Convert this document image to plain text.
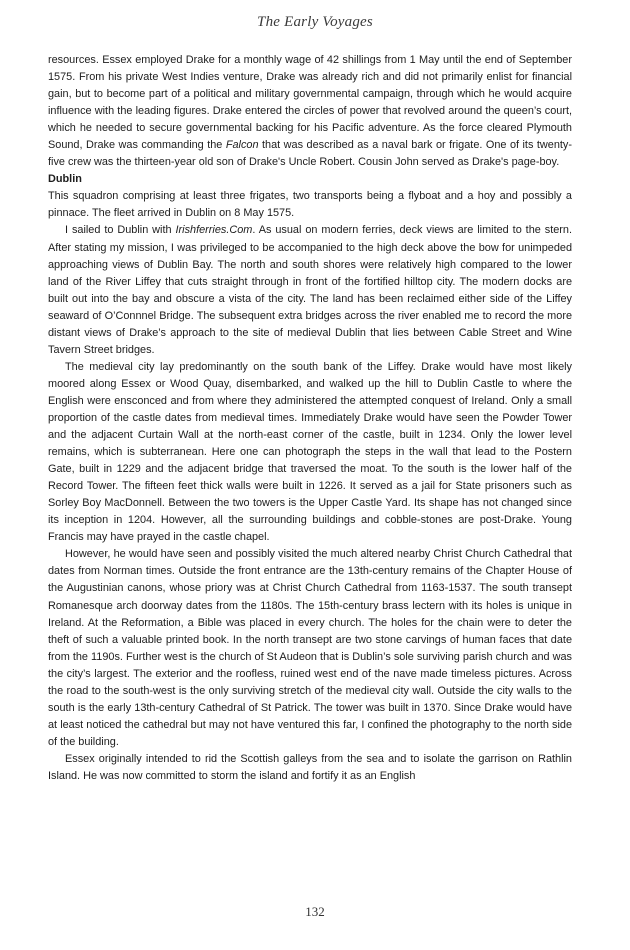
The Early Voyages

resources. Essex employed Drake for a monthly wage of 42 shillings from 1 May until the end of September 1575. From his private West Indies venture, Drake was already rich and did not primarily enlist for financial gain, but to become part of a political and military governmental campaign, through which he would acquire influence with the leading figures. Drake entered the circles of power that revolved around the queen’s court, which he needed to secure governmental backing for his Pacific adventure. As the force cleared Plymouth Sound, Drake was commanding the Falcon that was described as a naval bark or frigate. One of its twenty-five crew was the thirteen-year old son of Drake's Uncle Robert. Cousin John served as Drake's page-boy.

Dublin

This squadron comprising at least three frigates, two transports being a flyboat and a hoy and possibly a pinnace. The fleet arrived in Dublin on 8 May 1575.

I sailed to Dublin with Irishferries.Com. As usual on modern ferries, deck views are limited to the stern. After stating my mission, I was privileged to be accompanied to the high deck above the bow for unimpeded approaching views of Dublin Bay. The north and south shores were relatively high compared to the lower land of the River Liffey that cuts straight through in front of the fortified hilltop city. The modern docks are built out into the bay and obscure a vista of the city. The land has been reclaimed either side of the Liffey seaward of O’Connnel Bridge. The subsequent extra bridges across the river enabled me to record the more distant views of Drake’s approach to the site of medieval Dublin that lies between Cable Street and Wine Tavern Street bridges.

The medieval city lay predominantly on the south bank of the Liffey. Drake would have most likely moored along Essex or Wood Quay, disembarked, and walked up the hill to Dublin Castle to where the English were ensconced and from where they administered the attempted conquest of Ireland. Only a small proportion of the castle dates from medieval times. Immediately Drake would have seen the Powder Tower and the adjacent Curtain Wall at the north-east corner of the castle, built in 1234. Only the lower level remains, which is subterranean. Here one can photograph the steps in the wall that lead to the Postern Gate, built in 1229 and the adjacent bridge that traversed the moat. To the south is the lower half of the Record Tower. The fifteen feet thick walls were built in 1226. It served as a jail for State prisoners such as Sorley Boy MacDonnell. Between the two towers is the Upper Castle Yard. Its shape has not changed since its inception in 1204. However, all the surrounding buildings and cobble-stones are post-Drake. Young Francis may have prayed in the castle chapel.

However, he would have seen and possibly visited the much altered nearby Christ Church Cathedral that dates from Norman times. Outside the front entrance are the 13th-century remains of the Chapter House of the Augustinian canons, whose priory was at Christ Church Cathedral from 1163-1537. The south transept Romanesque arch doorway dates from the 1180s. The 15th-century brass lectern with its holes is unique in Ireland. At the Reformation, a Bible was placed in every church. The holes for the chain were to deter the theft of such a valuable printed book. In the north transept are two stone carvings of human faces that date from the 1190s. Further west is the church of St Audeon that is Dublin’s sole surviving parish church and was the city’s largest. The exterior and the roofless, ruined west end of the nave made timeless pictures. Across the road to the south-west is the only surviving stretch of the medieval city wall. Outside the city walls to the south is the early 13th-century Cathedral of St Patrick. The tower was built in 1370. Since Drake would have at least noticed the cathedral but may not have ventured this far, I confined the photography to the north side of the building.

Essex originally intended to rid the Scottish galleys from the sea and to isolate the garrison on Rathlin Island. He was now committed to storm the island and fortify it as an English

132
